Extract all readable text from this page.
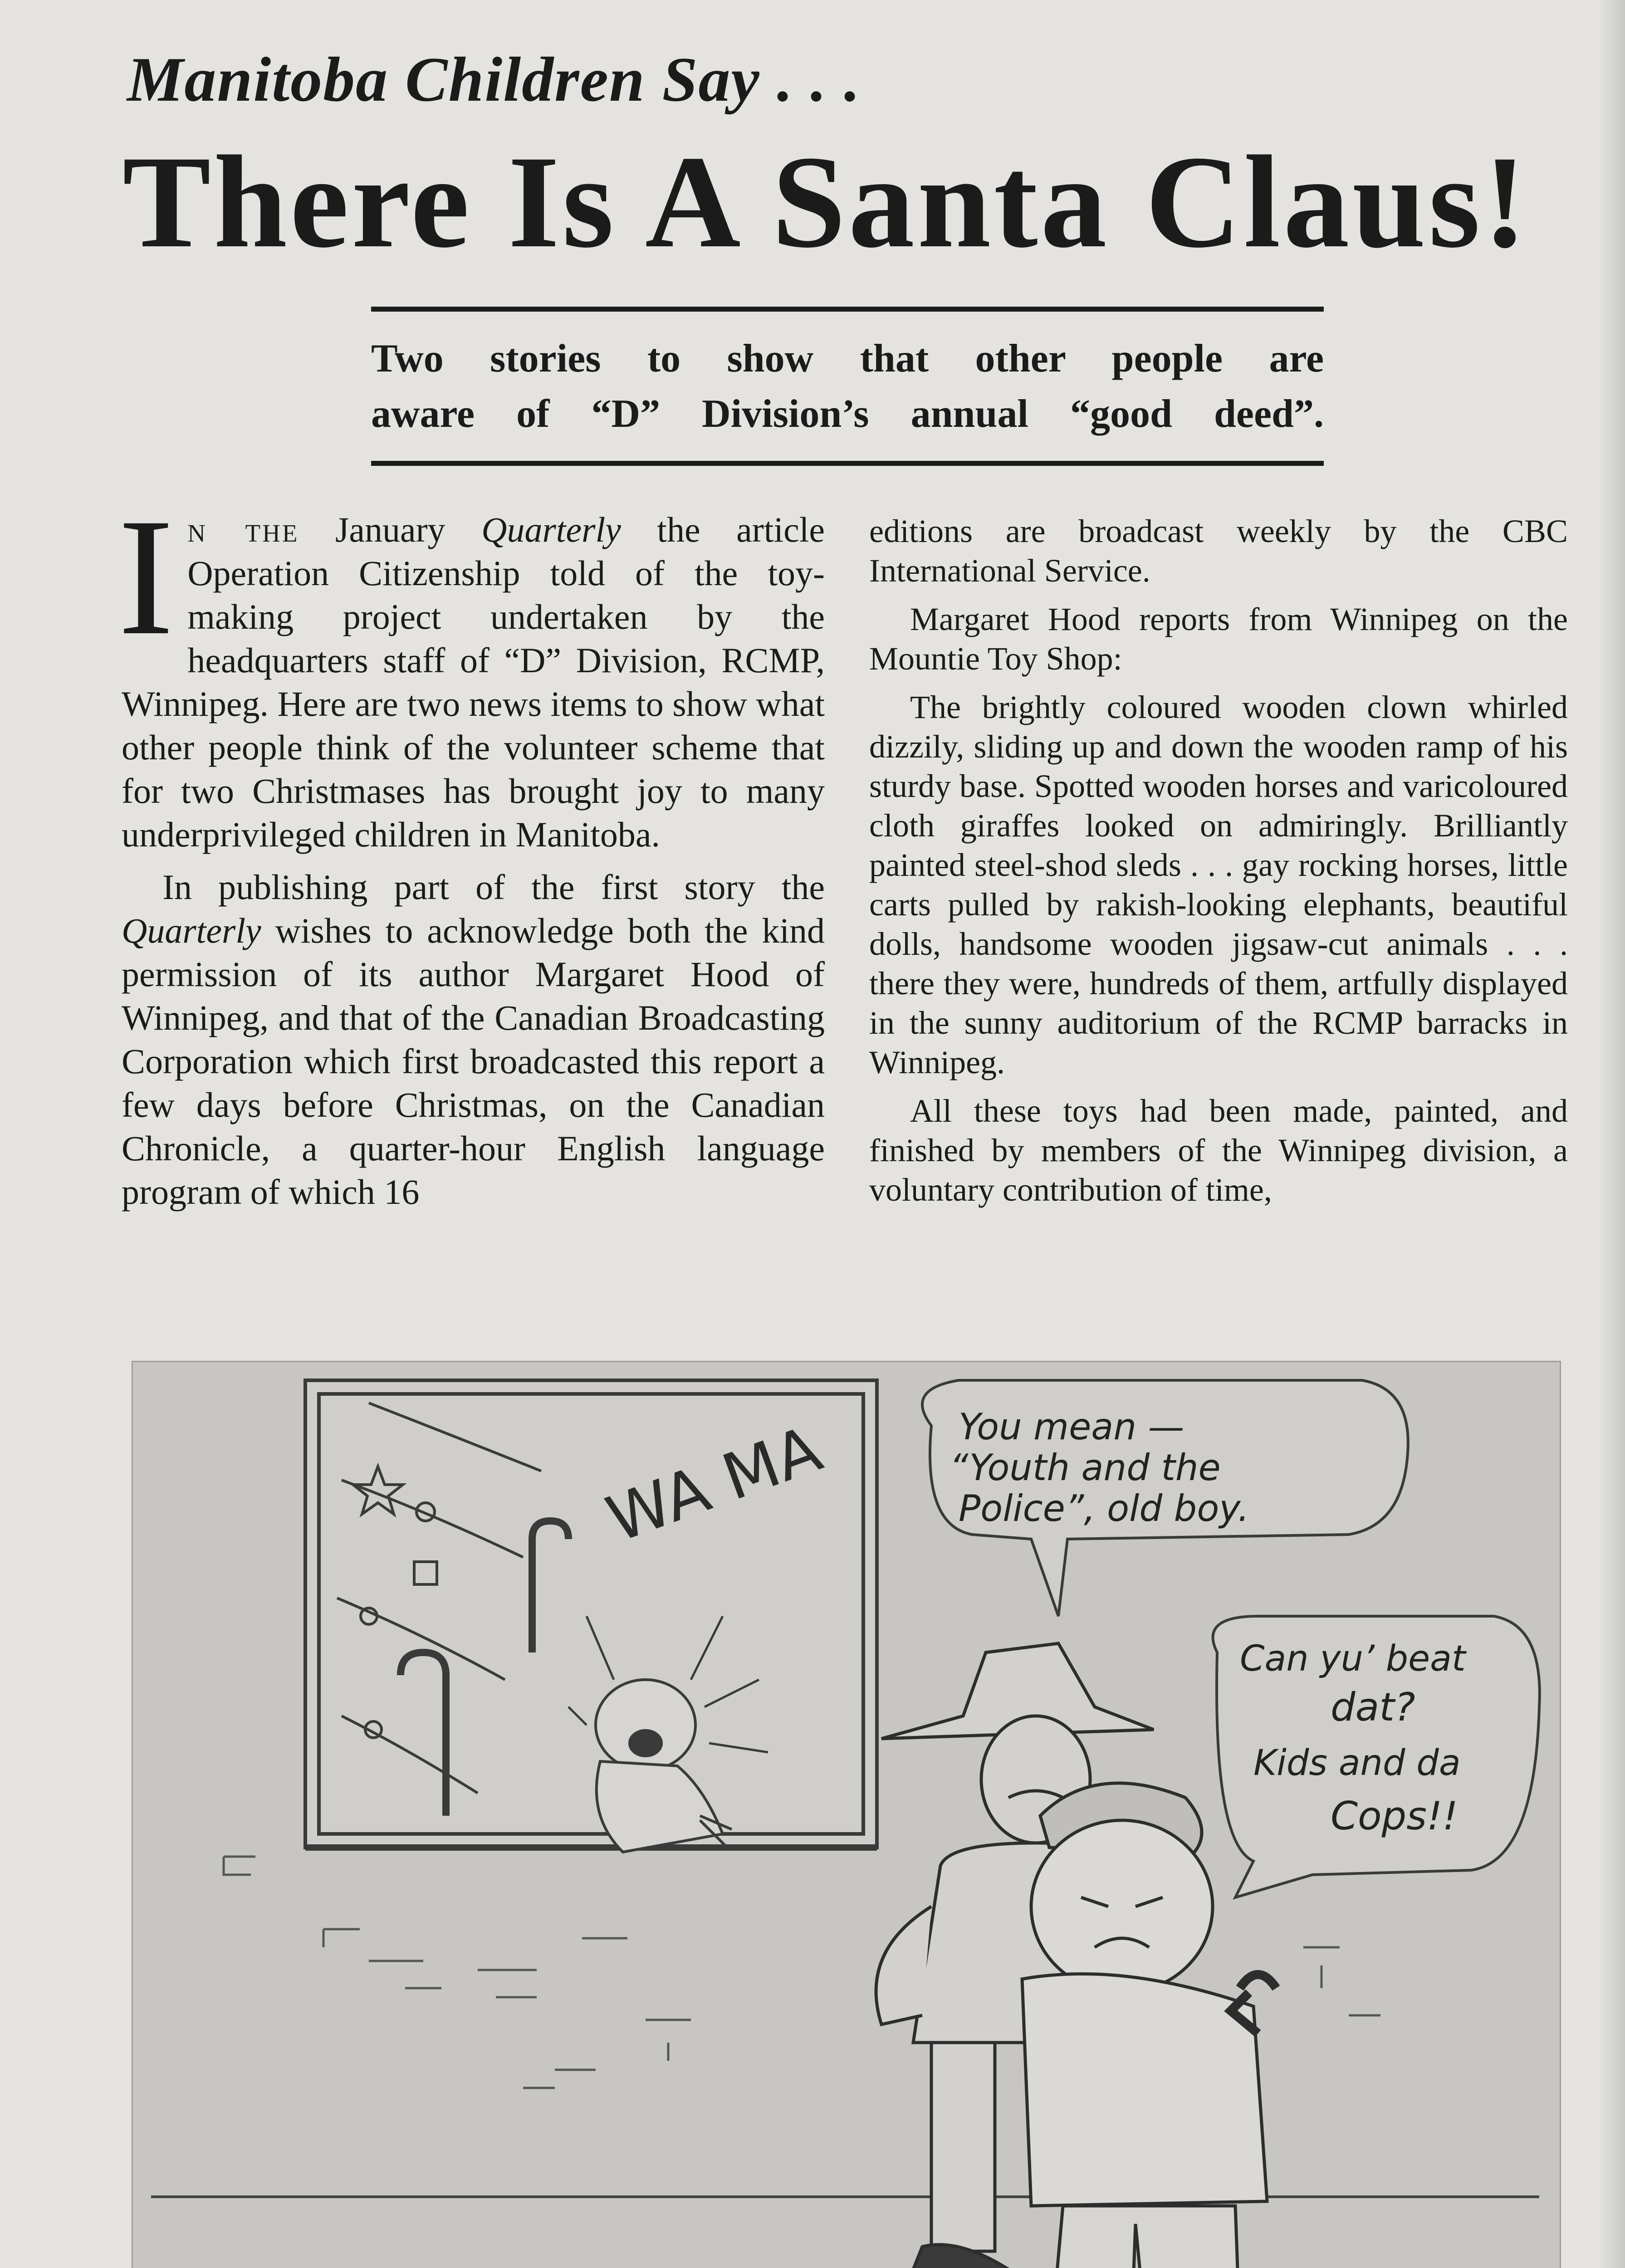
Manitoba Children Say . . .
There Is A Santa Claus!
Two stories to show that other people are
aware of “D” Division’s annual “good deed”.

In the January Quarterly the article Operation Citizenship told of the toy-making project undertaken by the headquarters staff of “D” Division, RCMP, Winnipeg. Here are two news items to show what other people think of the volunteer scheme that for two Christmases has brought joy to many underprivileged children in Manitoba.

In publishing part of the first story the Quarterly wishes to acknowledge both the kind permission of its author Margaret Hood of Winnipeg, and that of the Canadian Broadcasting Corporation which first broadcasted this report a few days before Christmas, on the Canadian Chronicle, a quarter-hour English language program of which 16

editions are broadcast weekly by the CBC International Service.

Margaret Hood reports from Winnipeg on the Mountie Toy Shop:

The brightly coloured wooden clown whirled dizzily, sliding up and down the wooden ramp of his sturdy base. Spotted wooden horses and varicoloured cloth giraffes looked on admiringly. Brilliantly painted steel-shod sleds . . . gay rocking horses, little carts pulled by rakish-looking elephants, beautiful dolls, handsome wooden jigsaw-cut animals . . . there they were, hundreds of them, artfully displayed in the sunny auditorium of the RCMP barracks in Winnipeg.

All these toys had been made, painted, and finished by members of the Winnipeg division, a voluntary contribution of time,

WA MA	You mean —
“Youth and the
Police”, old boy.
Can yu’ beat
dat?
Kids and da
Cops!!
